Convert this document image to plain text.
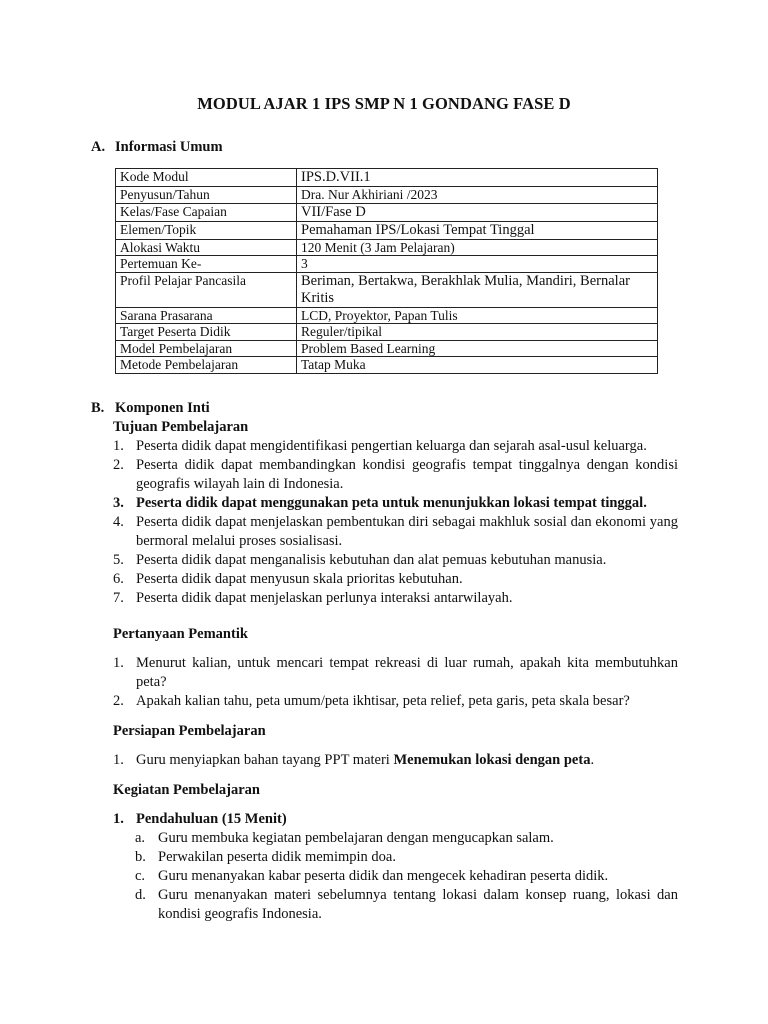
MODUL AJAR 1 IPS SMP N 1 GONDANG FASE D
A. Informasi Umum
Kode Modul	IPS.D.VII.1
Penyusun/Tahun	Dra. Nur Akhiriani /2023
Kelas/Fase Capaian	VII/Fase D
Elemen/Topik	Pemahaman IPS/Lokasi Tempat Tinggal
Alokasi Waktu	120 Menit (3 Jam Pelajaran)
Pertemuan Ke-	3
Profil Pelajar Pancasila	Beriman, Bertakwa, Berakhlak Mulia, Mandiri, Bernalar Kritis
Sarana Prasarana	LCD, Proyektor, Papan Tulis
Target Peserta Didik	Reguler/tipikal
Model Pembelajaran	Problem Based Learning
Metode Pembelajaran	Tatap Muka
B. Komponen Inti
Tujuan Pembelajaran
1. Peserta didik dapat mengidentifikasi pengertian keluarga dan sejarah asal-usul keluarga.
2. Peserta didik dapat membandingkan kondisi geografis tempat tinggalnya dengan kondisi geografis wilayah lain di Indonesia.
3. Peserta didik dapat menggunakan peta untuk menunjukkan lokasi tempat tinggal.
4. Peserta didik dapat menjelaskan pembentukan diri sebagai makhluk sosial dan ekonomi yang bermoral melalui proses sosialisasi.
5. Peserta didik dapat menganalisis kebutuhan dan alat pemuas kebutuhan manusia.
6. Peserta didik dapat menyusun skala prioritas kebutuhan.
7. Peserta didik dapat menjelaskan perlunya interaksi antarwilayah.
Pertanyaan Pemantik
1. Menurut kalian, untuk mencari tempat rekreasi di luar rumah, apakah kita membutuhkan peta?
2. Apakah kalian tahu, peta umum/peta ikhtisar, peta relief, peta garis, peta skala besar?
Persiapan Pembelajaran
1. Guru menyiapkan bahan tayang PPT materi Menemukan lokasi dengan peta.
Kegiatan Pembelajaran
1. Pendahuluan (15 Menit)
a. Guru membuka kegiatan pembelajaran dengan mengucapkan salam.
b. Perwakilan peserta didik memimpin doa.
c. Guru menanyakan kabar peserta didik dan mengecek kehadiran peserta didik.
d. Guru menanyakan materi sebelumnya tentang lokasi dalam konsep ruang, lokasi dan kondisi geografis Indonesia.
